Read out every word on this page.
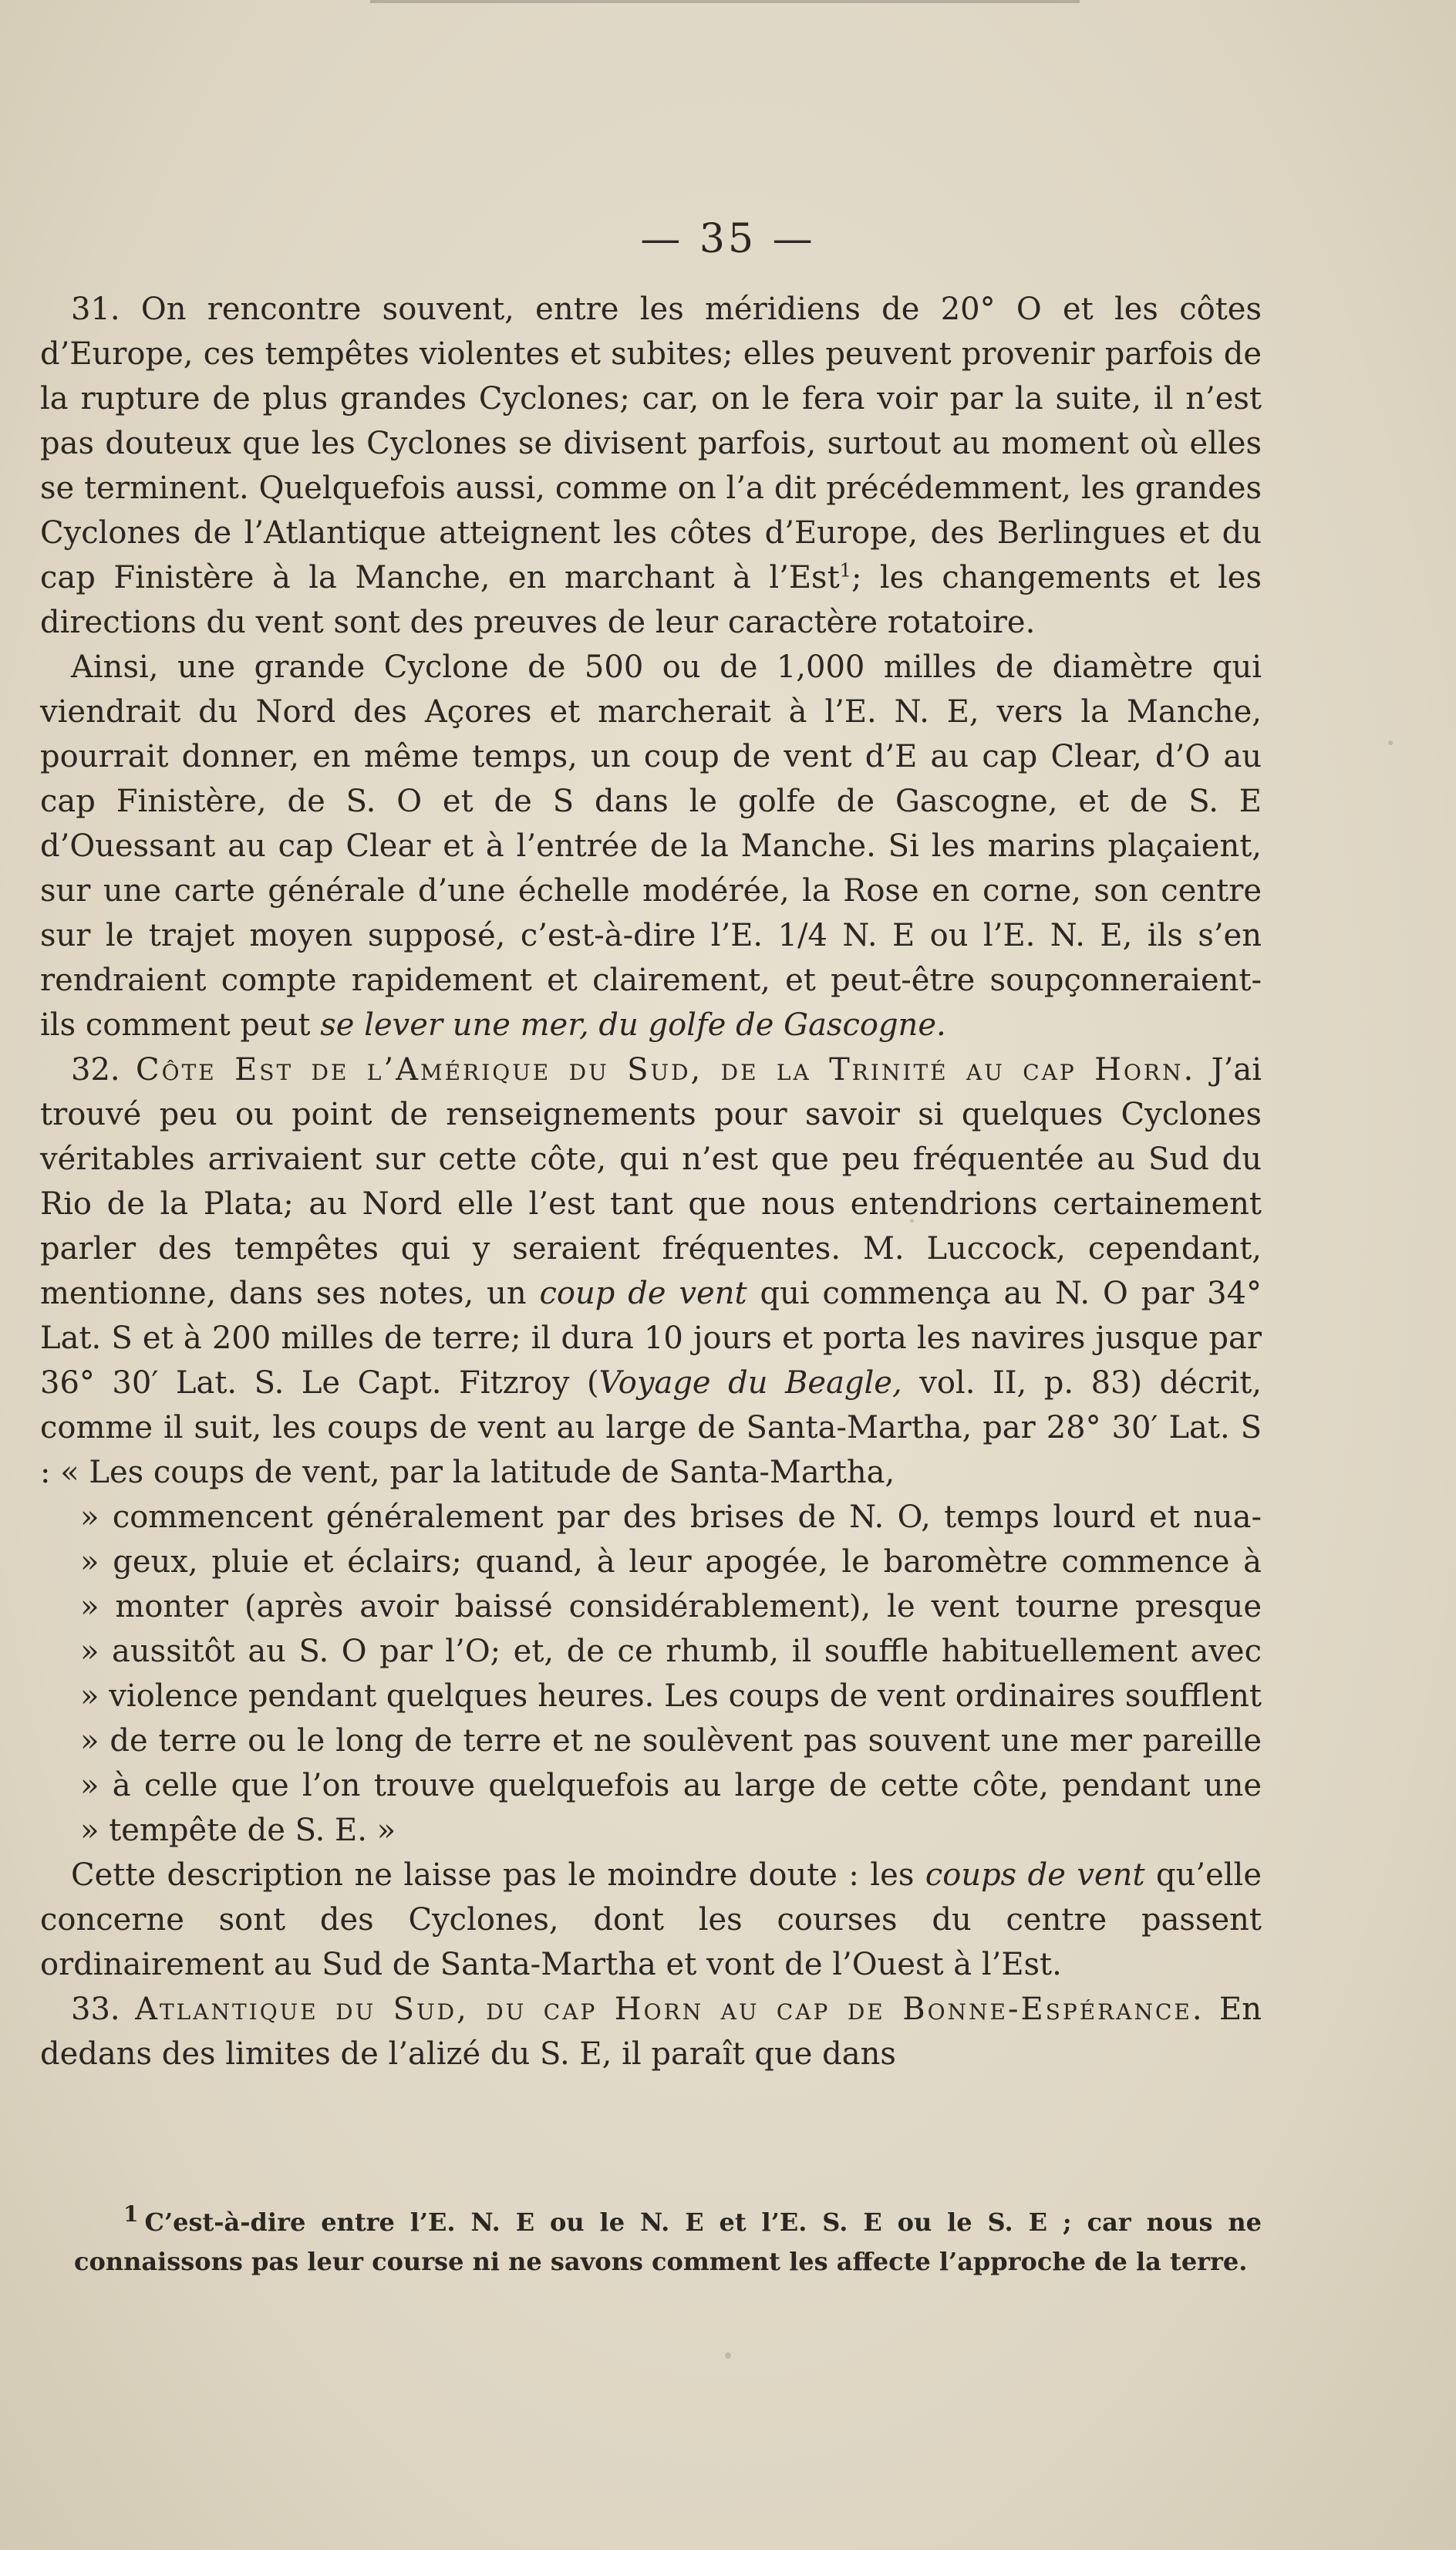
— 35 —

31. On rencontre souvent, entre les méridiens de 20° O et les côtes d’Europe, ces tempêtes violentes et subites; elles peuvent provenir parfois de la rupture de plus grandes Cyclones; car, on le fera voir par la suite, il n’est pas douteux que les Cyclones se divisent parfois, surtout au moment où elles se terminent. Quelquefois aussi, comme on l’a dit précédemment, les grandes Cyclones de l’Atlantique atteignent les côtes d’Europe, des Berlingues et du cap Finistère à la Manche, en marchant à l’Est$^1$; les changements et les directions du vent sont des preuves de leur caractère rotatoire.

Ainsi, une grande Cyclone de 500 ou de 1,000 milles de diamètre qui viendrait du Nord des Açores et marcherait à l’E. N. E, vers la Manche, pourrait donner, en même temps, un coup de vent d’E au cap Clear, d’O au cap Finistère, de S. O et de S dans le golfe de Gascogne, et de S. E d’Ouessant au cap Clear et à l’entrée de la Manche. Si les marins plaçaient, sur une carte générale d’une échelle modérée, la Rose en corne, son centre sur le trajet moyen supposé, c’est-à-dire l’E. 1/4 N. E ou l’E. N. E, ils s’en rendraient compte rapidement et clairement, et peut-être soupçonneraient-ils comment peut se lever une mer, du golfe de Gascogne.

32. Côte Est de l’Amérique du Sud, de la Trinité au cap Horn. J’ai trouvé peu ou point de renseignements pour savoir si quelques Cyclones véritables arrivaient sur cette côte, qui n’est que peu fréquentée au Sud du Rio de la Plata; au Nord elle l’est tant que nous entendrions certainement parler des tempêtes qui y seraient fréquentes. M. Luccock, cependant, mentionne, dans ses notes, un coup de vent qui commença au N. O par 34° Lat. S et à 200 milles de terre; il dura 10 jours et porta les navires jusque par 36° 30′ Lat. S. Le Capt. Fitzroy (Voyage du Beagle, vol. II, p. 83) décrit, comme il suit, les coups de vent au large de Santa-Martha, par 28° 30′ Lat. S : « Les coups de vent, par la latitude de Santa-Martha,

» commencent généralement par des brises de N. O, temps lourd et nua-

» geux, pluie et éclairs; quand, à leur apogée, le baromètre commence à

» monter (après avoir baissé considérablement), le vent tourne presque

» aussitôt au S. O par l’O; et, de ce rhumb, il souffle habituellement avec

» violence pendant quelques heures. Les coups de vent ordinaires soufflent

» de terre ou le long de terre et ne soulèvent pas souvent une mer pareille

» à celle que l’on trouve quelquefois au large de cette côte, pendant une

» tempête de S. E. »

Cette description ne laisse pas le moindre doute : les coups de vent qu’elle concerne sont des Cyclones, dont les courses du centre passent ordinairement au Sud de Santa-Martha et vont de l’Ouest à l’Est.

33. Atlantique du Sud, du cap Horn au cap de Bonne-Espérance. En dedans des limites de l’alizé du S. E, il paraît que dans

1 C’est-à-dire entre l’E. N. E ou le N. E et l’E. S. E ou le S. E ; car nous ne connaissons pas leur course ni ne savons comment les affecte l’approche de la terre.
